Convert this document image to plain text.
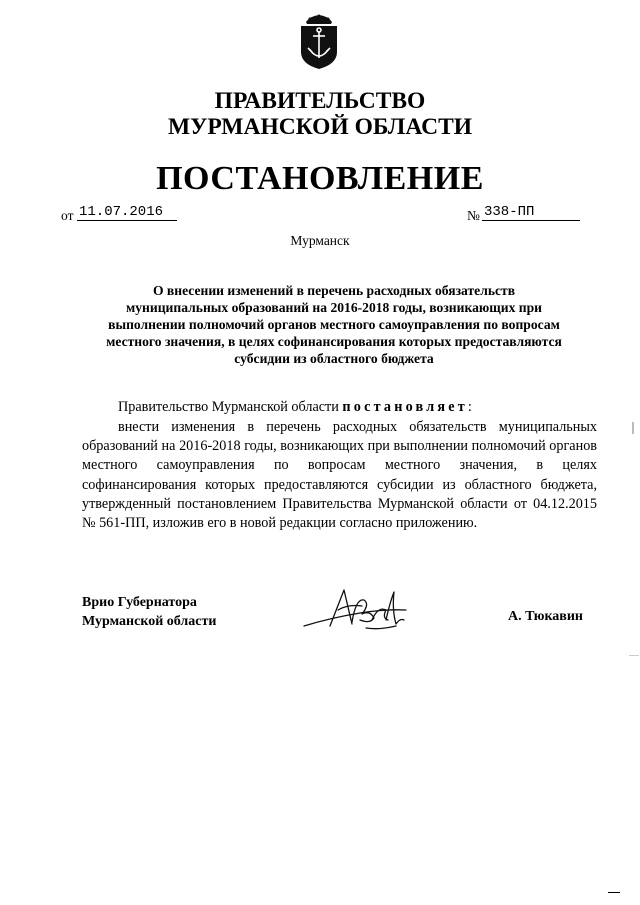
ПРАВИТЕЛЬСТВО
МУРМАНСКОЙ ОБЛАСТИ
ПОСТАНОВЛЕНИЕ
от 11.07.2016	№ 338-ПП
Мурманск
О внесении изменений в перечень расходных обязательств
муниципальных образований на 2016-2018 годы, возникающих при
выполнении полномочий органов местного самоуправления по вопросам
местного значения, в целях софинансирования которых предоставляются
субсидии из областного бюджета
Правительство Мурманской области постановляет:
внести изменения в перечень расходных обязательств муниципальных образований на 2016-2018 годы, возникающих при выполнении полномочий органов местного самоуправления по вопросам местного значения, в целях софинансирования которых предоставляются субсидии из областного бюджета, утвержденный постановлением Правительства Мурманской области от 04.12.2015 № 561-ПП, изложив его в новой редакции согласно приложению.
Врио Губернатора
Мурманской области	А. Тюкавин
